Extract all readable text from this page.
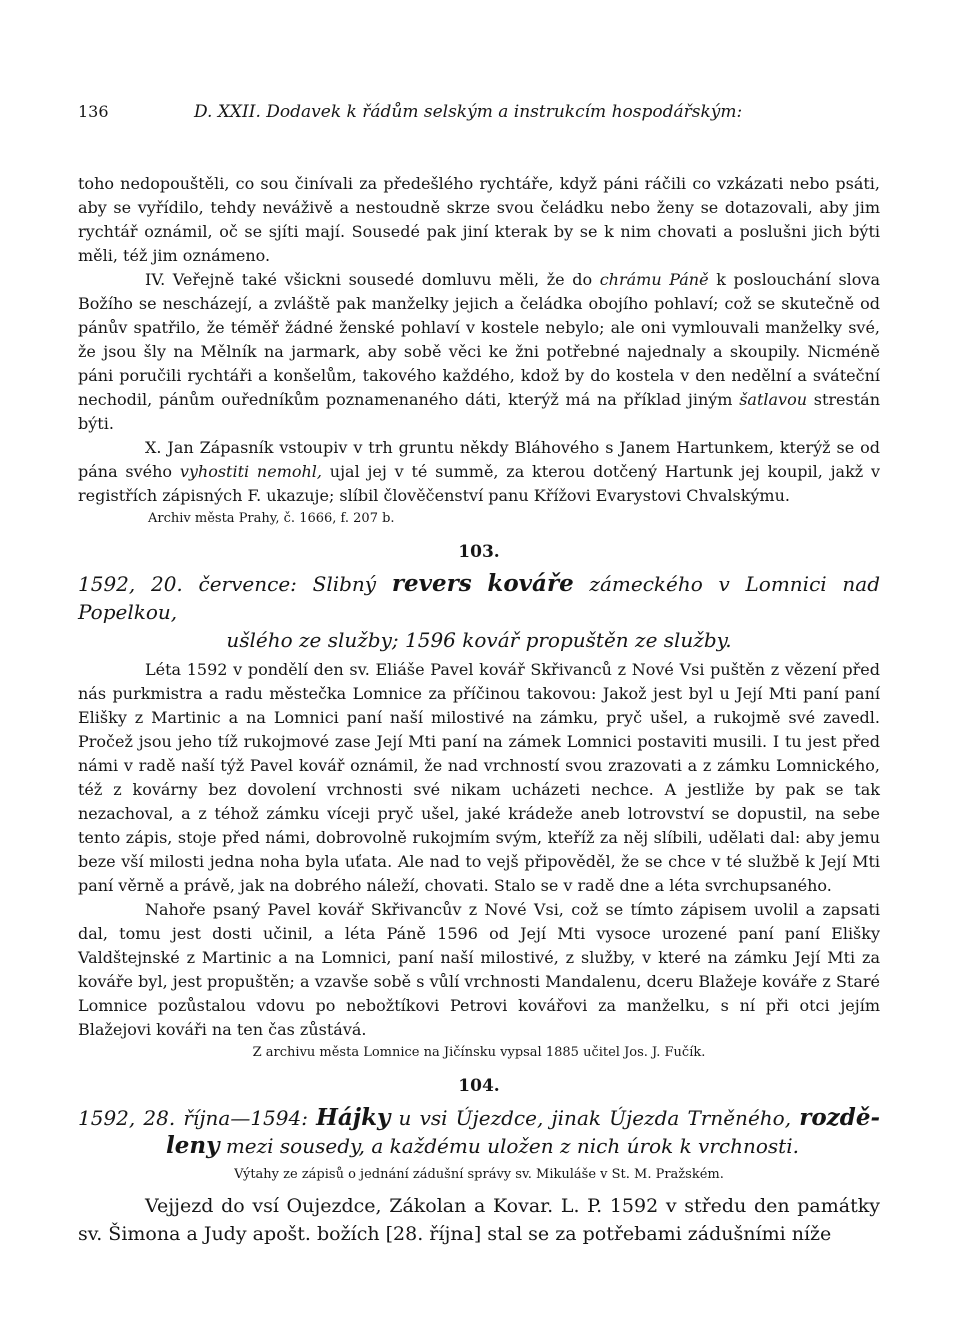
136	D. XXII. Dodavek k řádům selským a instrukcím hospodářským:

toho nedopouštěli, co sou činívali za předešlého rychtáře, když páni ráčili co vzkázati nebo psáti, aby se vyřídilo, tehdy neváživě a nestoudně skrze svou čeládku nebo ženy se dotazovali, aby jim rychtář oznámil, oč se sjíti mají. Sousedé pak jiní kterak by se k nim chovati a poslušni jich býti měli, též jim oznámeno.

IV. Veřejně také všickni sousedé domluvu měli, že do chrámu Páně k poslouchání slova Božího se nescházejí, a zvláště pak manželky jejich a čeládka obojího pohlaví; což se skutečně od pánův spatřilo, že téměř žádné ženské pohlaví v kostele nebylo; ale oni vymlouvali manželky své, že jsou šly na Mělník na jarmark, aby sobě věci ke žni potřebné najednaly a skoupily. Nicméně páni poručili rychtáři a konšelům, takového každého, kdož by do kostela v den nedělní a sváteční nechodil, pánům ouředníkům poznamenaného dáti, kterýž má na příklad jiným šatlavou strestán býti.

X. Jan Zápasník vstoupiv v trh gruntu někdy Bláhového s Janem Hartunkem, kterýž se od pána svého vyhostiti nemohl, ujal jej v té summě, za kterou dotčený Hartunk jej koupil, jakž v registřích zápisných F. ukazuje; slíbil člověčenství panu Křížovi Evarystovi Chvalskýmu.

Archiv města Prahy, č. 1666, f. 207 b.

103.

1592, 20. července: Slibný revers kováře zámeckého v Lomnici nad Popelkou,

ušlého ze služby; 1596 kovář propuštěn ze služby.

Léta 1592 v pondělí den sv. Eliáše Pavel kovář Skřivanců z Nové Vsi puštěn z vězení před nás purkmistra a radu městečka Lomnice za příčinou takovou: Jakož jest byl u Její Mti paní paní Elišky z Martinic a na Lomnici paní naší milostivé na zámku, pryč ušel, a rukojmě své zavedl. Pročež jsou jeho tíž rukojmové zase Její Mti paní na zámek Lomnici postaviti musili. I tu jest před námi v radě naší týž Pavel kovář oznámil, že nad vrchností svou zrazovati a z zámku Lomnického, též z kovárny bez dovolení vrchnosti své nikam ucházeti nechce. A jestliže by pak se tak nezachoval, a z téhož zámku víceji pryč ušel, jaké krádeže aneb lotrovství se dopustil, na sebe tento zápis, stoje před námi, dobrovolně rukojmím svým, kteříž za něj slíbili, udělati dal: aby jemu beze vší milosti jedna noha byla uťata. Ale nad to vejš připověděl, že se chce v té službě k Její Mti paní věrně a právě, jak na dobrého náleží, chovati. Stalo se v radě dne a léta svrchupsaného.

Nahoře psaný Pavel kovář Skřivancův z Nové Vsi, což se tímto zápisem uvolil a zapsati dal, tomu jest dosti učinil, a léta Páně 1596 od Její Mti vysoce urozené paní paní Elišky Valdštejnské z Martinic a na Lomnici, paní naší milostivé, z služby, v které na zámku Její Mti za kováře byl, jest propuštěn; a vzavše sobě s vůlí vrchnosti Mandalenu, dceru Blažeje kováře z Staré Lomnice pozůstalou vdovu po nebožtíkovi Petrovi kovářovi za manželku, s ní při otci jejím Blažejovi kováři na ten čas zůstává.

Z archivu města Lomnice na Jičínsku vypsal 1885 učitel Jos. J. Fučík.

104.

1592, 28. října—1594: Hájky u vsi Újezdce, jinak Újezda Trněného, rozdě- leny mezi sousedy, a každému uložen z nich úrok k vrchnosti.

Výtahy ze zápisů o jednání zádušní správy sv. Mikuláše v St. M. Pražském.

Vejjezd do vsí Oujezdce, Zákolan a Kovar. L. P. 1592 v středu den památky sv. Šimona a Judy apošt. božích [28. října] stal se za potřebami zádušními níže
